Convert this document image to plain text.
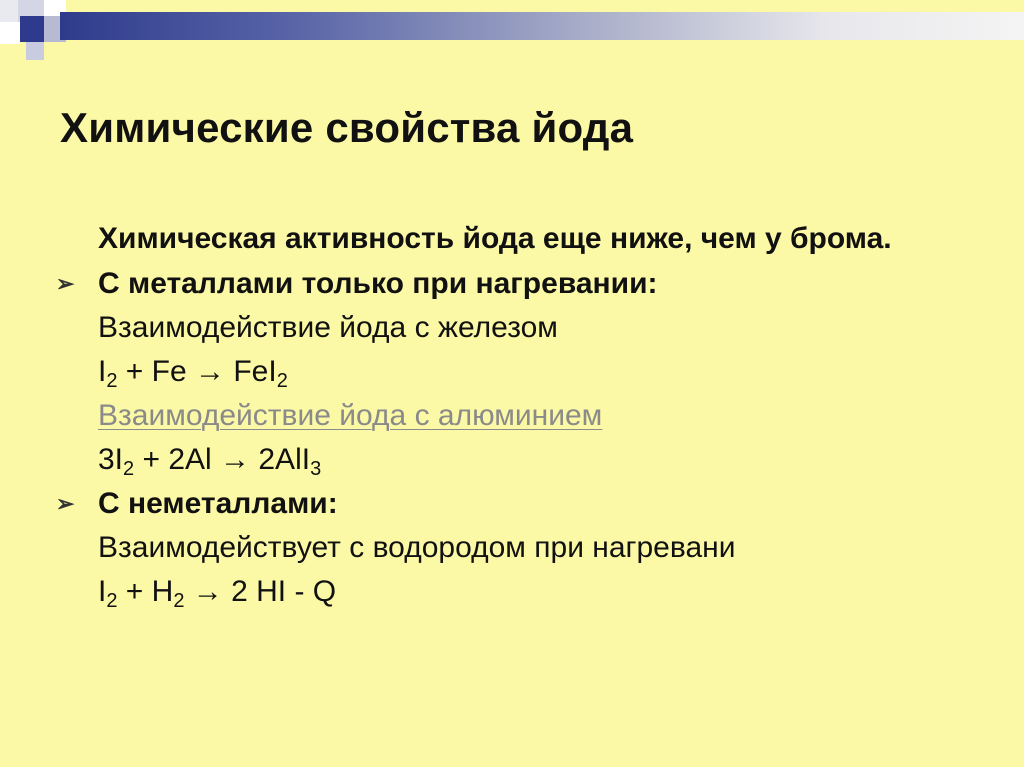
Химические свойства йода
Химическая активность йода еще ниже, чем у брома.
➢ С металлами только при нагревании:
Взаимодействие йода с железом
$I_2 + Fe \to FeI_2$
Взаимодействие йода с алюминием
$3I_2 + 2Al \to 2AlI_3$
➢ С неметаллами:
Взаимодействует с водородом при нагревани
$I_2 + H_2 \to 2$ HI - Q
